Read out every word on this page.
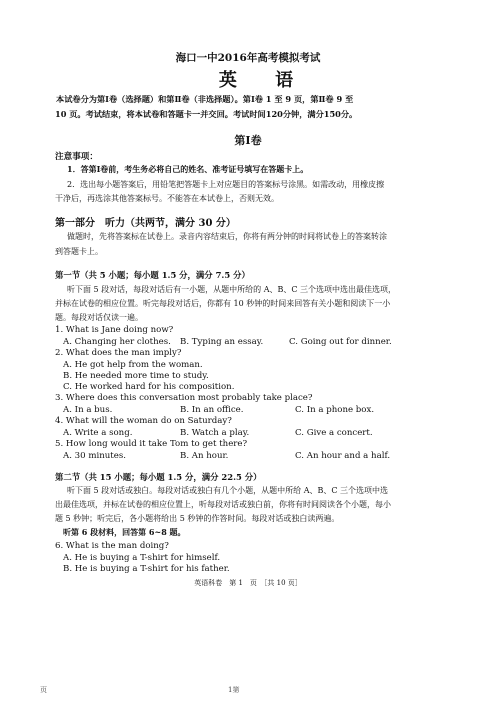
海口一中2016年高考模拟考试
英 语
本试卷分为第Ⅰ卷（选择题）和第Ⅱ卷（非选择题）。第Ⅰ卷 1 至 9 页，第Ⅱ卷 9 至
10 页。考试结束，将本试卷和答题卡一并交回。考试时间120分钟，满分150分。
第Ⅰ卷
注意事项：
1．答第Ⅰ卷前，考生务必将自己的姓名、准考证号填写在答题卡上。
2．选出每小题答案后，用铅笔把答题卡上对应题目的答案标号涂黑。如需改动，用橡皮擦
干净后，再选涂其他答案标号。不能答在本试卷上，否则无效。
第一部分　听力（共两节，满分 30 分）
做题时，先将答案标在试卷上。录音内容结束后，你将有两分钟的时间将试卷上的答案转涂
到答题卡上。
第一节（共 5 小题；每小题 1.5 分，满分 7.5 分）
听下面 5 段对话，每段对话后有一小题，从题中所给的 A、B、C 三个选项中选出最佳选项，
并标在试卷的相应位置。听完每段对话后，你都有 10 秒钟的时间来回答有关小题和阅读下一小
题。每段对话仅读一遍。
1. What is Jane doing now?
A. Changing her clothes. B. Typing an essay.	C. Going out for dinner.
2. What does the man imply?
A. He got help from the woman.
B. He needed more time to study.
C. He worked hard for his composition.
3. Where does this conversation most probably take place?
A. In a bus.	B. In an office.	C. In a phone box.
4. What will the woman do on Saturday?
A. Write a song.	B. Watch a play.	C. Give a concert.
5. How long would it take Tom to get there?
A. 30 minutes.	B. An hour.	C. An hour and a half.
第二节（共 15 小题；每小题 1.5 分，满分 22.5 分）
听下面 5 段对话或独白。每段对话或独白有几个小题，从题中所给 A、B、C 三个选项中选
出最佳选项，并标在试卷的相应位置上，听每段对话或独白前，你将有时间阅读各个小题，每小
题 5 秒钟；听完后，各小题将给出 5 秒钟的作答时间。每段对话或独白读两遍。
听第 6 段材料，回答第 6~8 题。
6. What is the man doing?
A. He is buying a T-shirt for himself.
B. He is buying a T-shirt for his father.
英语科卷　第 1　页　［共 10 页］
页	1第
